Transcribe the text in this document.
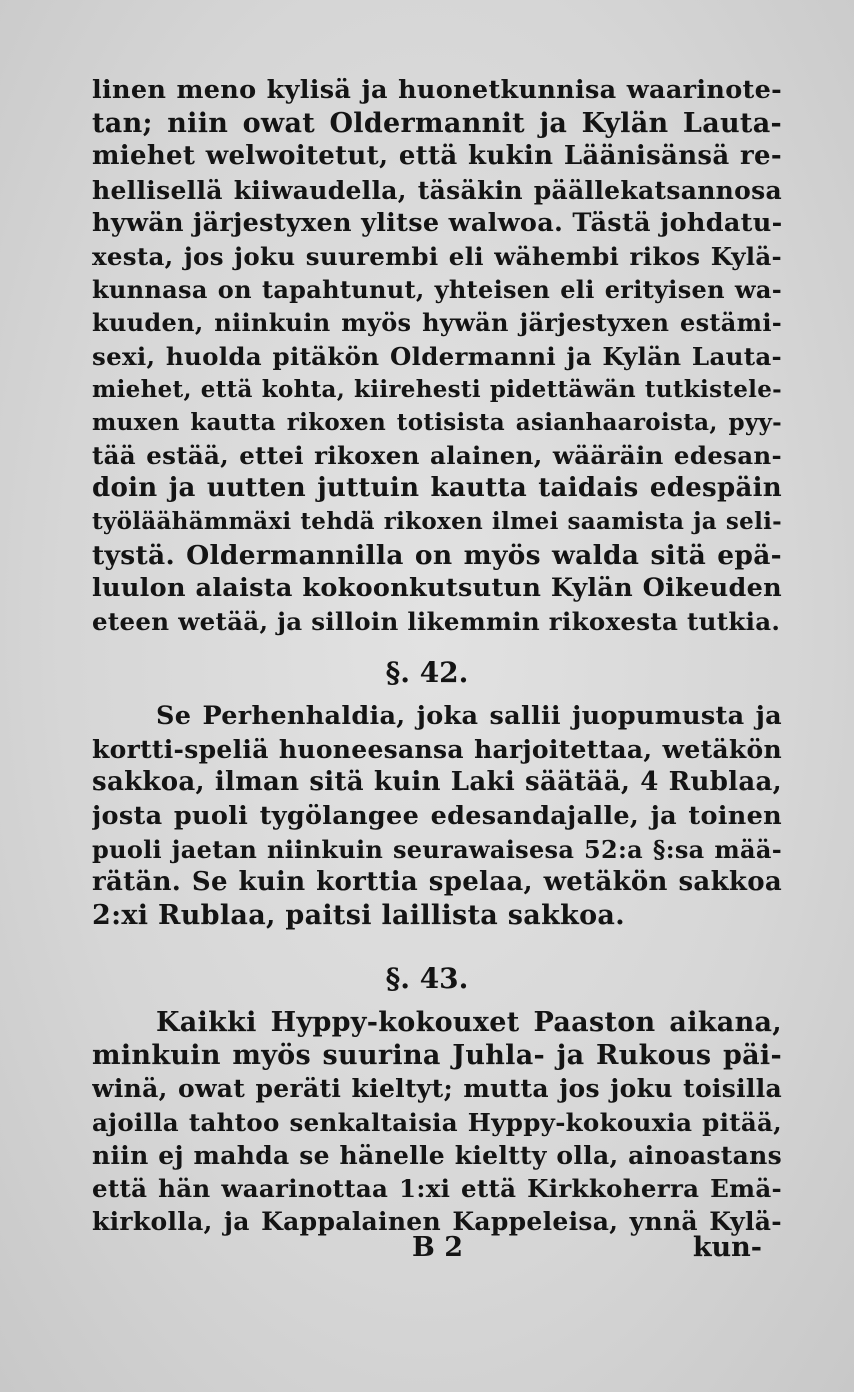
linen meno kylisä ja huonetkunnisa waarinote-
tan; niin owat Oldermannit ja Kylän Lauta-
miehet welwoitetut, että kukin Läänisänsä re-
hellisellä kiiwaudella, täsäkin päällekatsannosa
hywän järjestyxen ylitse walwoa. Tästä johdatu-
xesta, jos joku suurembi eli wähembi rikos Kylä-
kunnasa on tapahtunut, yhteisen eli erityisen wa-
kuuden, niinkuin myös hywän järjestyxen estämi-
sexi, huolda pitäkön Oldermanni ja Kylän Lauta-
miehet, että kohta, kiirehesti pidettäwän tutkistele-
muxen kautta rikoxen totisista asianhaaroista, pyy-
tää estää, ettei rikoxen alainen, wääräin edesan-
doin ja uutten juttuin kautta taidais edespäin
työläähämmäxi tehdä rikoxen ilmei saamista ja seli-
tystä. Oldermannilla on myös walda sitä epä-
luulon alaista kokoonkutsutun Kylän Oikeuden
eteen wetää, ja silloin likemmin rikoxesta tutkia.
§. 42.
Se Perhenhaldia, joka sallii juopumusta ja
kortti-speliä huoneesansa harjoitettaa, wetäkön
sakkoa, ilman sitä kuin Laki säätää, 4 Rublaa,
josta puoli tygölangee edesandajalle, ja toinen
puoli jaetan niinkuin seurawaisesa 52:a §:sa mää-
rätän. Se kuin korttia spelaa, wetäkön sakkoa
2:xi Rublaa, paitsi laillista sakkoa.
§. 43.
Kaikki Hyppy-kokouxet Paaston aikana,
minkuin myös suurina Juhla- ja Rukous päi-
winä, owat peräti kieltyt; mutta jos joku toisilla
ajoilla tahtoo senkaltaisia Hyppy-kokouxia pitää,
niin ej mahda se hänelle kieltty olla, ainoastans
että hän waarinottaa 1:xi että Kirkkoherra Emä-
kirkolla, ja Kappalainen Kappeleisa, ynnä Kylä-
B 2	kun-
